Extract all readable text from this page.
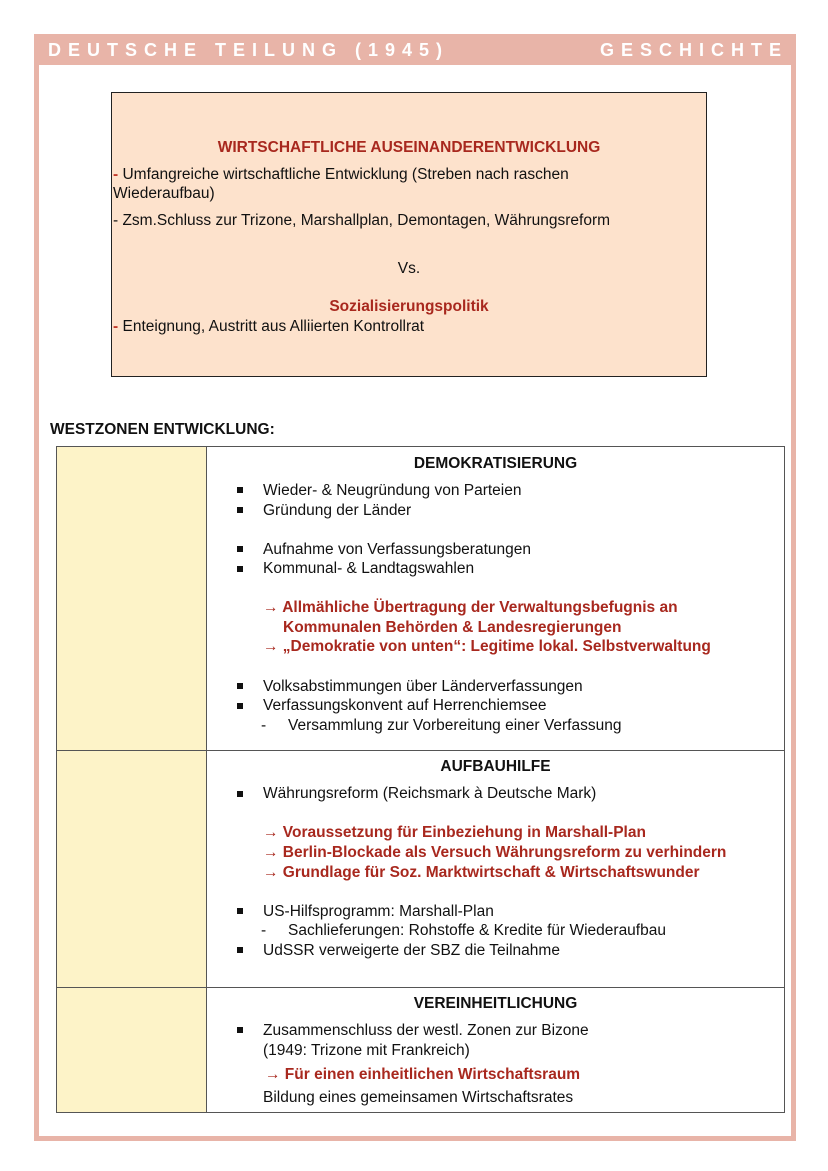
DEUTSCHE TEILUNG (1945)	GESCHICHTE
WIRTSCHAFTLICHE AUSEINANDERENTWICKLUNG
- Umfangreiche wirtschaftliche Entwicklung (Streben nach raschen
Wiederaufbau)
- Zsm.Schluss zur Trizone, Marshallplan, Demontagen, Währungsreform
Vs.
Sozialisierungspolitik
- Enteignung, Austritt aus Alliierten Kontrollrat
WESTZONEN ENTWICKLUNG:
DEMOKRATISIERUNG
Wieder- & Neugründung von Parteien
Gründung der Länder
Aufnahme von Verfassungsberatungen
Kommunal- & Landtagswahlen
→ Allmähliche Übertragung der Verwaltungsbefugnis an
Kommunalen Behörden & Landesregierungen
→ „Demokratie von unten“: Legitime lokal. Selbstverwaltung
Volksabstimmungen über Länderverfassungen
Verfassungskonvent auf Herrenchiemsee
- Versammlung zur Vorbereitung einer Verfassung
AUFBAUHILFE
Währungsreform (Reichsmark à Deutsche Mark)
→ Voraussetzung für Einbeziehung in Marshall-Plan
→ Berlin-Blockade als Versuch Währungsreform zu verhindern
→ Grundlage für Soz. Marktwirtschaft & Wirtschaftswunder
US-Hilfsprogramm: Marshall-Plan
- Sachlieferungen: Rohstoffe & Kredite für Wiederaufbau
UdSSR verweigerte der SBZ die Teilnahme
VEREINHEITLICHUNG
Zusammenschluss der westl. Zonen zur Bizone
(1949: Trizone mit Frankreich)
→ Für einen einheitlichen Wirtschaftsraum
Bildung eines gemeinsamen Wirtschaftsrates
